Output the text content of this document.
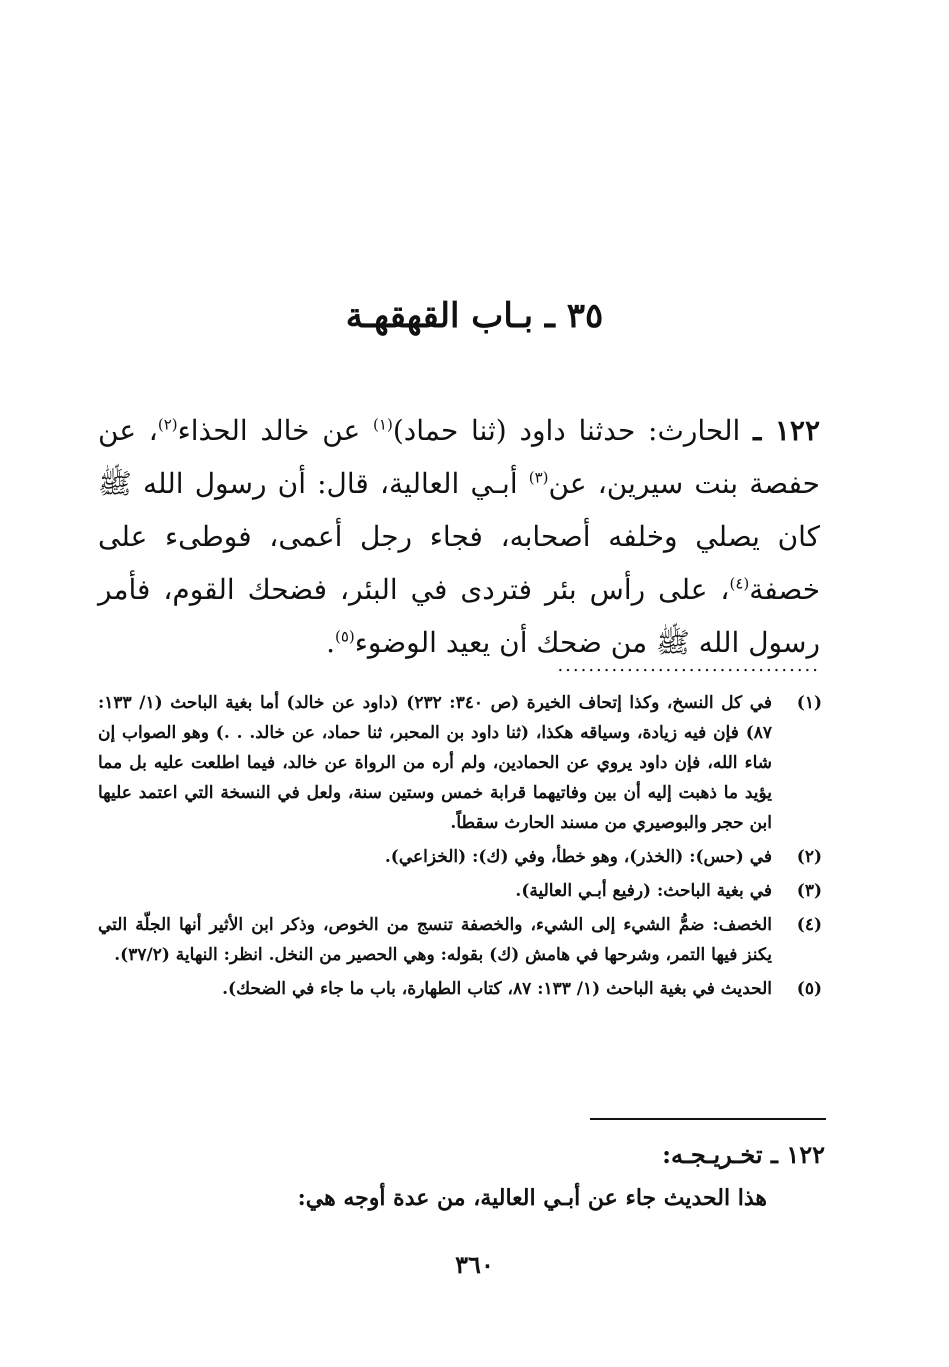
٣٥ ـ بـاب القهقهـة
١٢٢ ـ الحارث: حدثنا داود (ثنا حماد)$^{(١)}$ عن خالد الحذاء$^{(٢)}$، عن حفصة بنت سيرين، عن$^{(٣)}$ أبـي العالية، قال: أن رسول الله ﷺ كان يصلي وخلفه أصحابه، فجاء رجل أعمى، فوطىء على خصفة$^{(٤)}$، على رأس بئر فتردى في البئر، فضحك القوم، فأمر رسول الله ﷺ من ضحك أن يعيد الوضوء$^{(٥)}$.
..................................
(١)
في كل النسخ، وكذا إتحاف الخيرة (ص ٣٤٠: ٢٣٢) (داود عن خالد) أما بغية الباحث (١/ ١٣٣: ٨٧) فإن فيه زيادة، وسياقه هكذا، (ثنا داود بن المحبر، ثنا حماد، عن خالد. . .) وهو الصواب إن شاء الله، فإن داود يروي عن الحمادين، ولم أره من الرواة عن خالد، فيما اطلعت عليه بل مما يؤيد ما ذهبت إليه أن بين وفاتيهما قرابة خمس وستين سنة، ولعل في النسخة التي اعتمد عليها ابن حجر والبوصيري من مسند الحارث سقطاً.
(٢)
في (حس): (الخذر)، وهو خطأ، وفي (ك): (الخزاعي).
(٣)
في بغية الباحث: (رفيع أبـي العالية).
(٤)
الخصف: ضمُّ الشيء إلى الشيء، والخصفة تنسج من الخوص، وذكر ابن الأثير أنها الجلّة التي يكنز فيها التمر، وشرحها في هامش (ك) بقوله: وهي الحصير من النخل. انظر: النهاية (٣٧/٢).
(٥)
الحديث في بغية الباحث (١/ ١٣٣: ٨٧، كتاب الطهارة، باب ما جاء في الضحك).
١٢٢ ـ تخـريـجـه:
هذا الحديث جاء عن أبـي العالية، من عدة أوجه هي:
٣٦٠
